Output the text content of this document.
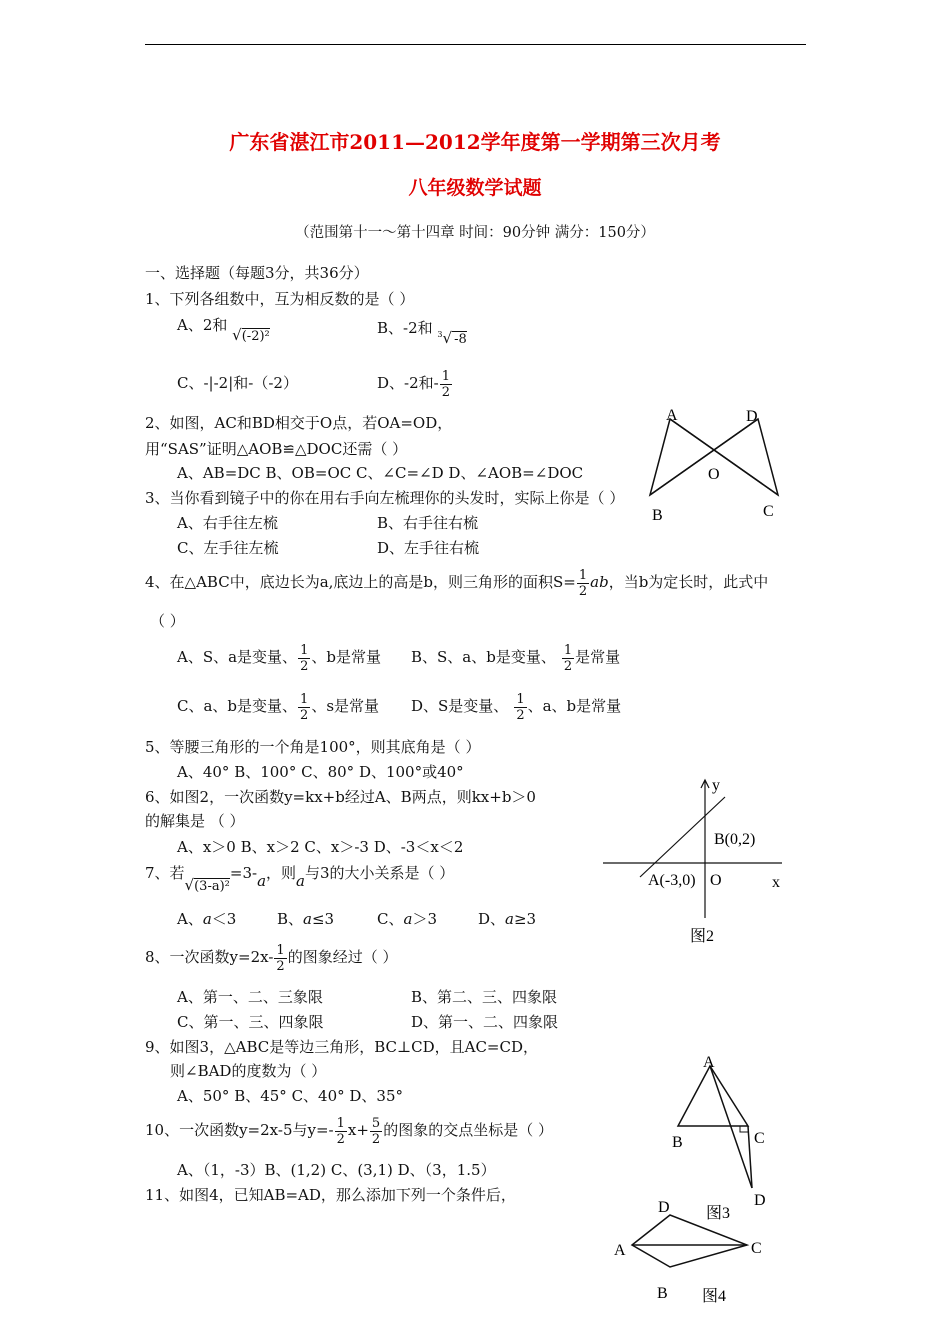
广东省湛江市2011—2012学年度第一学期第三次月考
八年级数学试题
（范围第十一～第十四章 时间：90分钟 满分：150分）
一、选择题（每题3分，共36分）
1、下列各组数中，互为相反数的是（ ）
A、2和 √(-2)²	B、-2和 $^3$√ -8
C、-|-2|和-（-2）	D、-2和- $\frac{1}{2}$
2、如图，AC和BD相交于O点，若OA=OD，
用“SAS”证明△AOB≌△DOC还需（ ）
A、AB=DC B、OB=OC C、∠C=∠D D、∠AOB=∠DOC
A	D
O
B	C
3、当你看到镜子中的你在用右手向左梳理你的头发时，实际上你是（ ）
A、右手往左梳	B、右手往右梳
C、左手往左梳	D、左手往右梳
4、在△ABC中，底边长为a,底边上的高是b，则三角形的面积$S= \frac{1}{2}$ ab，当b为定长时，此式中
（ ）
A、S、a是变量、 $\frac{1}{2}$ 、b是常量 B、S、a、b是变量、 $\frac{1}{2}$ 是常量
C、a、b是变量、 $\frac{1}{2}$ 、s是常量 D、S是变量、 $\frac{1}{2}$ 、a、b是常量
5、等腰三角形的一个角是100°，则其底角是（ ）
A、40° B、100° C、80° D、100°或40°
6、如图2，一次函数y=kx+b经过A、B两点，则kx+b＞0
的解集是 （ ）
A、x＞0 B、x＞2 C、x＞-3 D、-3＜x＜2
y
x
B(0,2)
A(-3,0) O
图2
7、若√(3-a)²=3-a，则a与3的大小关系是（ ）
A、a＜3	B、a≤3	C、a＞3	D、a≥3
8、一次函数$y=2x- \frac{1}{2}$ 的图象经过（ ）
A、第一、二、三象限	B、第二、三、四象限
C、第一、三、四象限	D、第一、二、四象限
9、如图3，△ABC是等边三角形，BC⊥CD，且AC=CD，
则∠BAD的度数为（ ）
A、50° B、45° C、40° D、35°
A
B	C
D
图3
10、一次函数y=2x-5与$y=- \frac{1}{2} x+ \frac{5}{2}$ 的图象的交点坐标是（ ）
A、（1，-3）B、(1,2) C、(3,1) D、（3，1.5）
11、如图4，已知AB=AD，那么添加下列一个条件后，
D
A	C
B 图4
